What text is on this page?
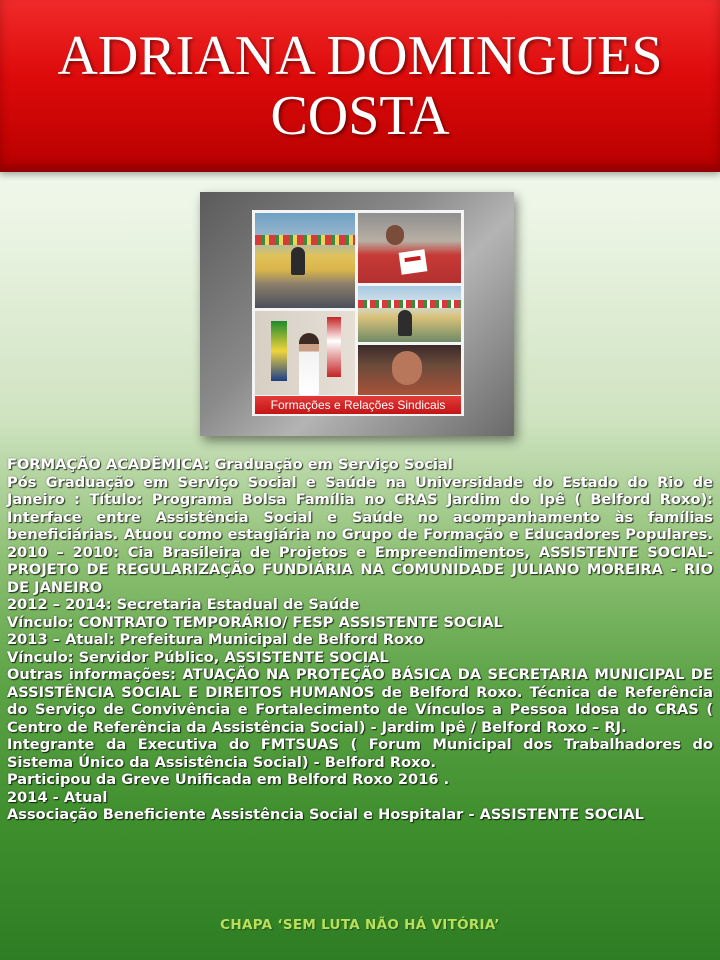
ADRIANA DOMINGUES
COSTA
Formações e Relações Sindicais

FORMAÇÃO ACADÊMICA: Graduação em Serviço Social

Pós Graduação em Serviço Social e Saúde na Universidade do Estado do Rio de Janeiro : Título: Programa Bolsa Família no CRAS Jardim do Ipê ( Belford Roxo): Interface entre Assistência Social e Saúde no acompanhamento às famílias beneficiárias. Atuou como estagiária no Grupo de Formação e Educadores Populares. 2010 – 2010: Cia Brasileira de Projetos e Empreendimentos, ASSISTENTE SOCIAL-PROJETO DE REGULARIZAÇÃO FUNDIÁRIA NA COMUNIDADE JULIANO MOREIRA - RIO DE JANEIRO

2012 – 2014: Secretaria Estadual de Saúde

Vínculo: CONTRATO TEMPORÁRIO/ FESP ASSISTENTE SOCIAL

2013 – Atual: Prefeitura Municipal de Belford Roxo

Vínculo: Servidor Público, ASSISTENTE SOCIAL

Outras informações: ATUAÇÃO NA PROTEÇÃO BÁSICA DA SECRETARIA MUNICIPAL DE ASSISTÊNCIA SOCIAL E DIREITOS HUMANOS de Belford Roxo. Técnica de Referência do Serviço de Convivência e Fortalecimento de Vínculos a Pessoa Idosa do CRAS ( Centro de Referência da Assistência Social) - Jardim Ipê / Belford Roxo – RJ.

Integrante da Executiva do FMTSUAS ( Forum Municipal dos Trabalhadores do Sistema Único da Assistência Social) - Belford Roxo.

Participou da Greve Unificada em Belford Roxo 2016 .

2014 - Atual

Associação Beneficiente Assistência Social e Hospitalar - ASSISTENTE SOCIAL

CHAPA ‘SEM LUTA NÃO HÁ VITÓRIA’
